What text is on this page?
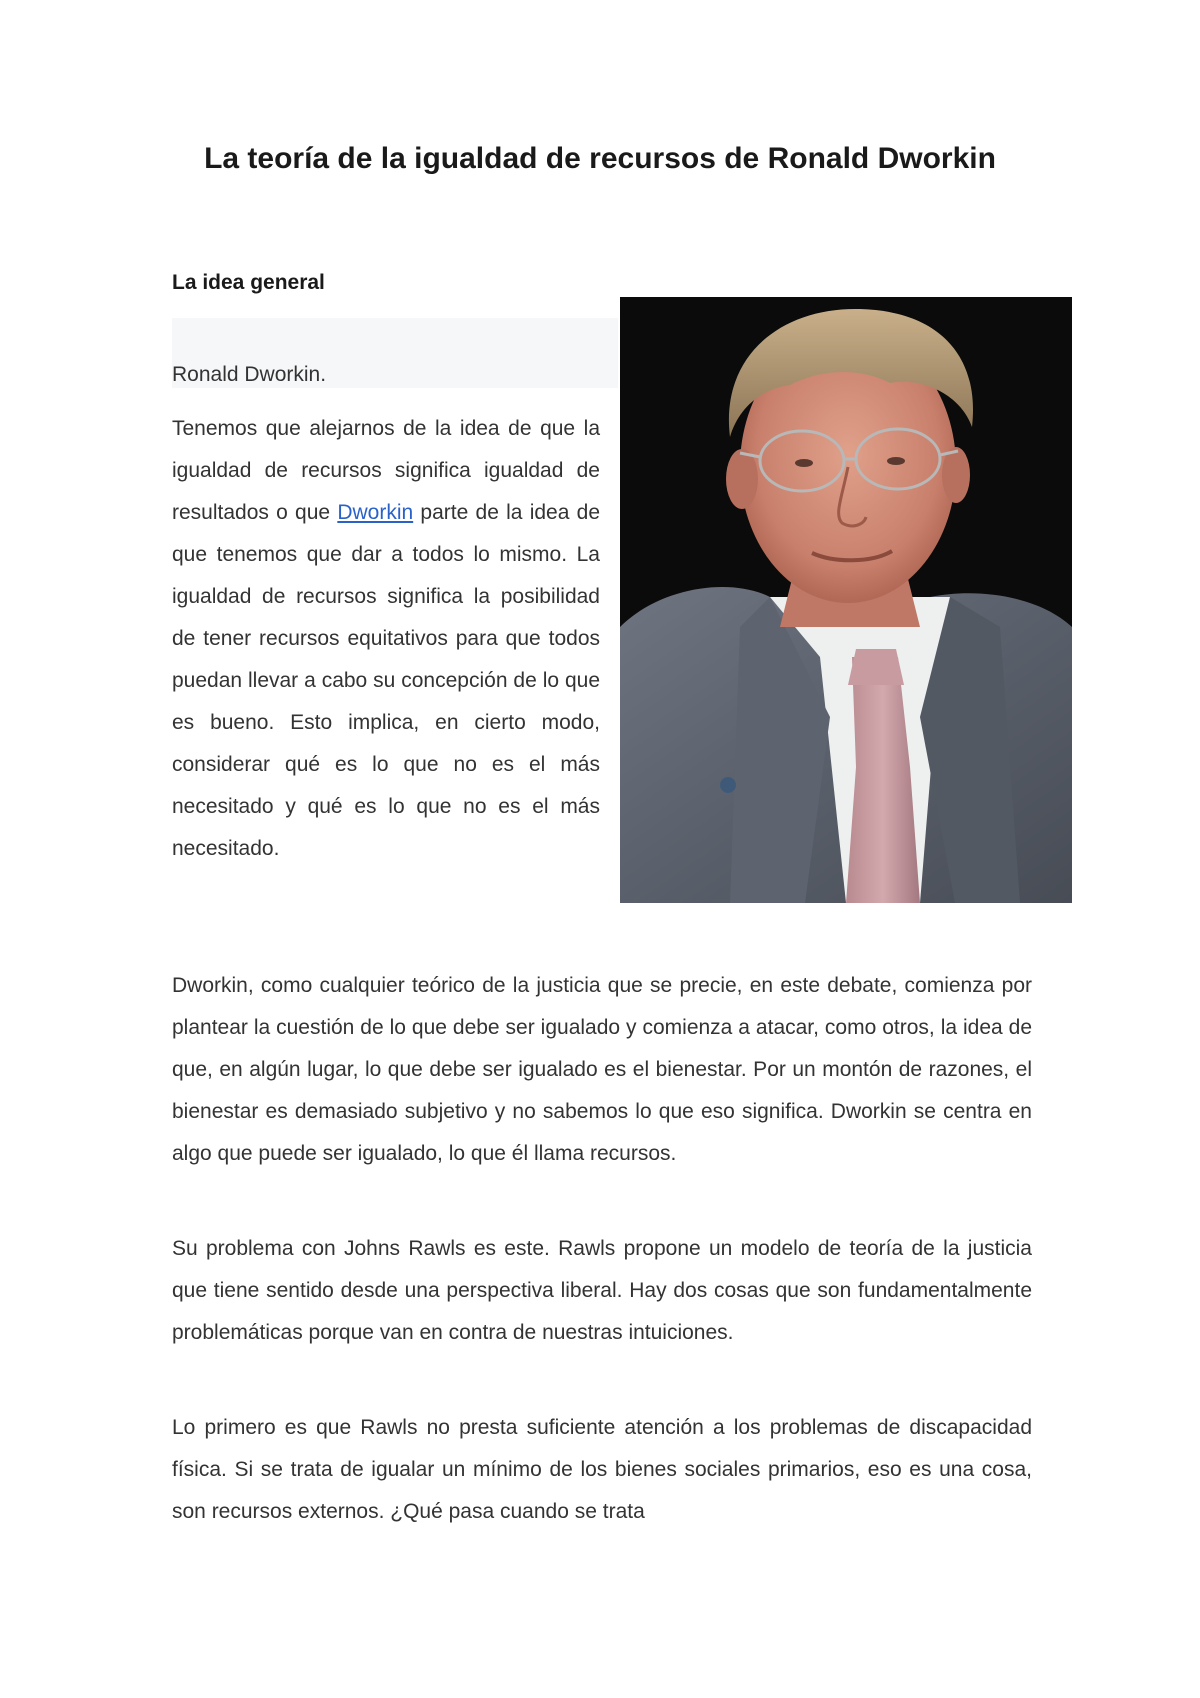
La teoría de la igualdad de recursos de Ronald Dworkin
La idea general

Ronald Dworkin.

Tenemos que alejarnos de la idea de que la igualdad de recursos significa igualdad de resultados o que Dworkin parte de la idea de que tenemos que dar a todos lo mismo. La igualdad de recursos significa la posibilidad de tener recursos equitativos para que todos puedan llevar a cabo su concepción de lo que es bueno. Esto implica, en cierto modo, considerar qué es lo que no es el más necesitado y qué es lo que no es el más necesitado.

Dworkin, como cualquier teórico de la justicia que se precie, en este debate, comienza por plantear la cuestión de lo que debe ser igualado y comienza a atacar, como otros, la idea de que, en algún lugar, lo que debe ser igualado es el bienestar. Por un montón de razones, el bienestar es demasiado subjetivo y no sabemos lo que eso significa. Dworkin se centra en algo que puede ser igualado, lo que él llama recursos.

Su problema con Johns Rawls es este. Rawls propone un modelo de teoría de la justicia que tiene sentido desde una perspectiva liberal. Hay dos cosas que son fundamentalmente problemáticas porque van en contra de nuestras intuiciones.

Lo primero es que Rawls no presta suficiente atención a los problemas de discapacidad física. Si se trata de igualar un mínimo de los bienes sociales primarios, eso es una cosa, son recursos externos. ¿Qué pasa cuando se trata
